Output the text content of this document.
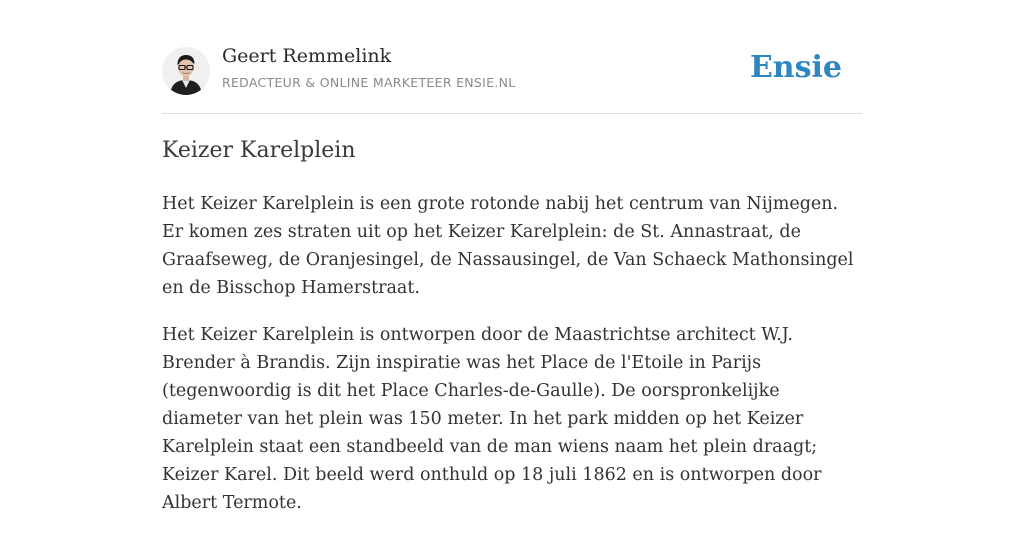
Geert Remmelink
REDACTEUR & ONLINE MARKETEER ENSIE.NL	Ensie
Keizer Karelplein

Het Keizer Karelplein is een grote rotonde nabij het centrum van Nijmegen. Er komen zes straten uit op het Keizer Karelplein: de St. Annastraat, de Graafseweg, de Oranjesingel, de Nassausingel, de Van Schaeck Mathonsingel en de Bisschop Hamerstraat.

Het Keizer Karelplein is ontworpen door de Maastrichtse architect W.J. Brender à Brandis. Zijn inspiratie was het Place de l'Etoile in Parijs (tegenwoordig is dit het Place Charles-de-Gaulle). De oorspronkelijke diameter van het plein was 150 meter. In het park midden op het Keizer Karelplein staat een standbeeld van de man wiens naam het plein draagt; Keizer Karel. Dit beeld werd onthuld op 18 juli 1862 en is ontworpen door Albert Termote.
